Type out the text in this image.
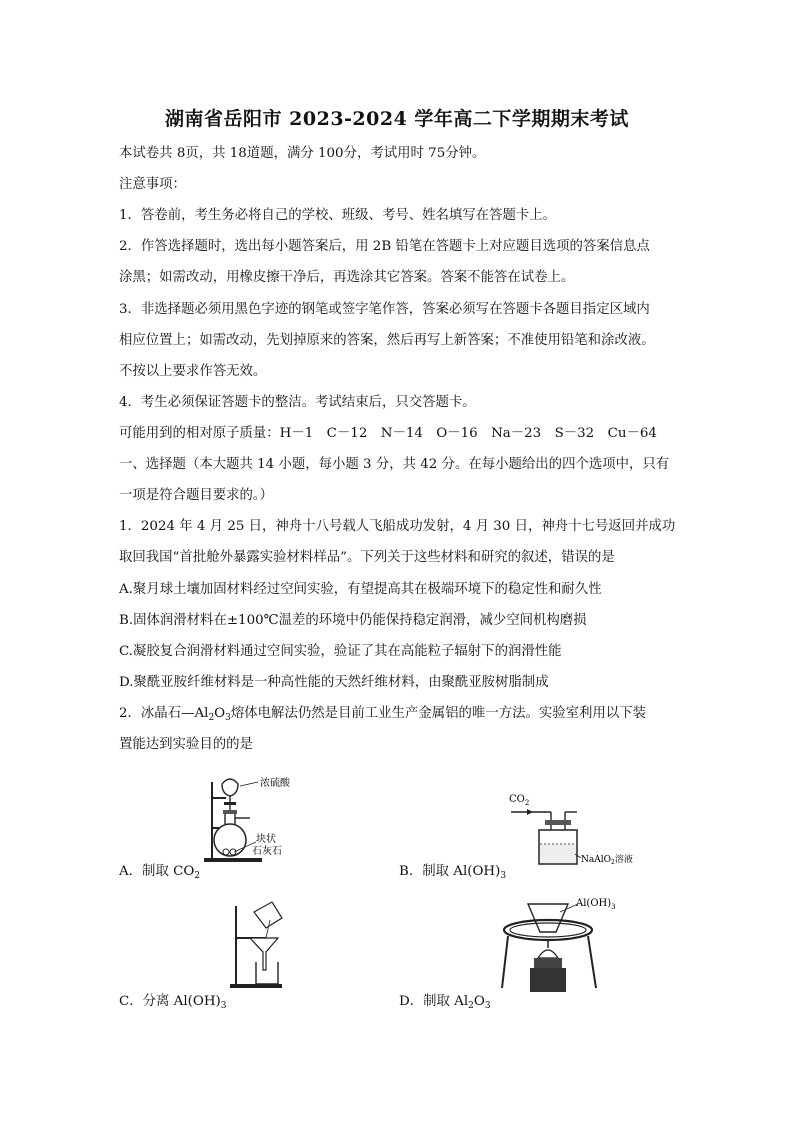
湖南省岳阳市 2023-2024 学年高二下学期期末考试
本试卷共 8页，共 18道题，满分 100分，考试用时 75分钟。
注意事项：
1．答卷前，考生务必将自己的学校、班级、考号、姓名填写在答题卡上。
2．作答选择题时，选出每小题答案后，用 2B 铅笔在答题卡上对应题目选项的答案信息点
涂黑；如需改动，用橡皮擦干净后，再选涂其它答案。答案不能答在试卷上。
3．非选择题必须用黑色字迹的钢笔或签字笔作答，答案必须写在答题卡各题目指定区域内
相应位置上；如需改动，先划掉原来的答案，然后再写上新答案；不准使用铅笔和涂改液。
不按以上要求作答无效。
4．考生必须保证答题卡的整洁。考试结束后，只交答题卡。
可能用到的相对原子质量：H－1　C－12　N－14　O－16　Na－23　S－32　Cu－64
一、选择题（本大题共 14 小题，每小题 3 分，共 42 分。在每小题给出的四个选项中，只有
一项是符合题目要求的。）
1．2024 年 4 月 25 日，神舟十八号载人飞船成功发射，4 月 30 日，神舟十七号返回并成功
取回我国“首批舱外暴露实验材料样品”。下列关于这些材料和研究的叙述，错误的是
A.聚月球土壤加固材料经过空间实验，有望提高其在极端环境下的稳定性和耐久性
B.固体润滑材料在±100℃温差的环境中仍能保持稳定润滑，减少空间机构磨损
C.凝胶复合润滑材料通过空间实验，验证了其在高能粒子辐射下的润滑性能
D.聚酰亚胺纤维材料是一种高性能的天然纤维材料，由聚酰亚胺树脂制成
2．冰晶石$—Al_2O_3$熔体电解法仍然是目前工业生产金属铝的唯一方法。实验室利用以下装
置能达到实验目的的是
浓硫酸
块状
石灰石
A．制取 $CO_2$
$CO_2$
NaAlO$_2$溶液
B．制取 $Al(OH)_3$
C．分离 $Al(OH)_3$
$Al(OH)_3$
D．制取 $Al_2O_3$
